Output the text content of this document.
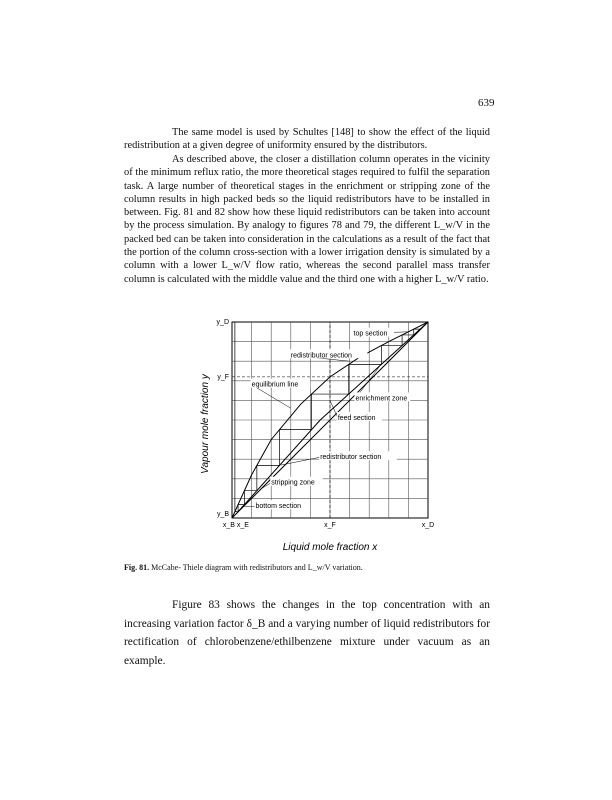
639

The same model is used by Schultes [148] to show the effect of the liquid redistribution at a given degree of uniformity ensured by the distributors.

As described above, the closer a distillation column operates in the vicinity of the minimum reflux ratio, the more theoretical stages required to fulfil the separation task. A large number of theoretical stages in the enrichment or stripping zone of the column results in high packed beds so the liquid redistributors have to be installed in between. Fig. 81 and 82 show how these liquid redistributors can be taken into account by the process simulation. By analogy to figures 78 and 79, the different L_w/V in the packed bed can be taken into consideration in the calculations as a result of the fact that the portion of the column cross-section with a lower irrigation density is simulated by a column with a lower L_w/V flow ratio, whereas the second parallel mass transfer column is calculated with the middle value and the third one with a higher L_w/V ratio.

x_B x_E	x_F	x_D
y_D
y_F
y_B
top section
redistributor section
equilibrium line
enrichment zone
feed section
redistributor section
stripping zone
bottom section
Vapour mole fraction y
Liquid mole fraction x

Fig. 81. McCabe- Thiele diagram with redistributors and L_w/V variation.

Figure 83 shows the changes in the top concentration with an increasing variation factor δ_B and a varying number of liquid redistributors for rectification of chlorobenzene/ethilbenzene mixture under vacuum as an example.
